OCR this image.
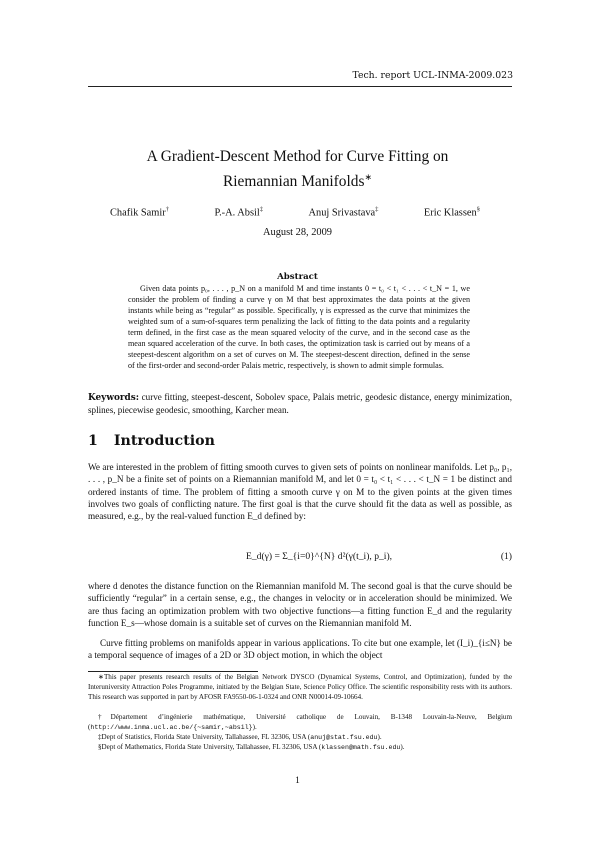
Tech. report UCL-INMA-2009.023
A Gradient-Descent Method for Curve Fitting on
Riemannian Manifolds∗
Chafik Samir†	P.-A. Absil‡	Anuj Srivastava‡	Eric Klassen§
August 28, 2009
Abstract
Given data points p₀, . . . , p_N on a manifold M and time instants 0 = t₀ < t₁ < . . . < t_N = 1, we consider the problem of finding a curve γ on M that best approximates the data points at the given instants while being as “regular” as possible. Specifically, γ is expressed as the curve that minimizes the weighted sum of a sum-of-squares term penalizing the lack of fitting to the data points and a regularity term defined, in the first case as the mean squared velocity of the curve, and in the second case as the mean squared acceleration of the curve. In both cases, the optimization task is carried out by means of a steepest-descent algorithm on a set of curves on M. The steepest-descent direction, defined in the sense of the first-order and second-order Palais metric, respectively, is shown to admit simple formulas.
Keywords: curve fitting, steepest-descent, Sobolev space, Palais metric, geodesic distance, energy minimization, splines, piecewise geodesic, smoothing, Karcher mean.
1 Introduction
We are interested in the problem of fitting smooth curves to given sets of points on nonlinear manifolds. Let p₀, p₁, . . . , p_N be a finite set of points on a Riemannian manifold M, and let 0 = t₀ < t₁ < . . . < t_N = 1 be distinct and ordered instants of time. The problem of fitting a smooth curve γ on M to the given points at the given times involves two goals of conflicting nature. The first goal is that the curve should fit the data as well as possible, as measured, e.g., by the real-valued function E_d defined by:
E_d(γ) = Σ_{i=0}^{N} d²(γ(t_i), p_i),	(1)
where d denotes the distance function on the Riemannian manifold M. The second goal is that the curve should be sufficiently “regular” in a certain sense, e.g., the changes in velocity or in acceleration should be minimized. We are thus facing an optimization problem with two objective functions—a fitting function E_d and the regularity function E_s—whose domain is a suitable set of curves on the Riemannian manifold M.
Curve fitting problems on manifolds appear in various applications. To cite but one example, let (I_i)_{i≤N} be a temporal sequence of images of a 2D or 3D object motion, in which the object
∗This paper presents research results of the Belgian Network DYSCO (Dynamical Systems, Control, and Optimization), funded by the Interuniversity Attraction Poles Programme, initiated by the Belgian State, Science Policy Office. The scientific responsibility rests with its authors. This research was supported in part by AFOSR FA9550-06-1-0324 and ONR N00014-09-10664.
†Département d’ingénierie mathématique, Université catholique de Louvain, B-1348 Louvain-la-Neuve, Belgium (http://www.inma.ucl.ac.be/{~samir,~absil}).
‡Dept of Statistics, Florida State University, Tallahassee, FL 32306, USA (anuj@stat.fsu.edu).
§Dept of Mathematics, Florida State University, Tallahassee, FL 32306, USA (klassen@math.fsu.edu).
1
